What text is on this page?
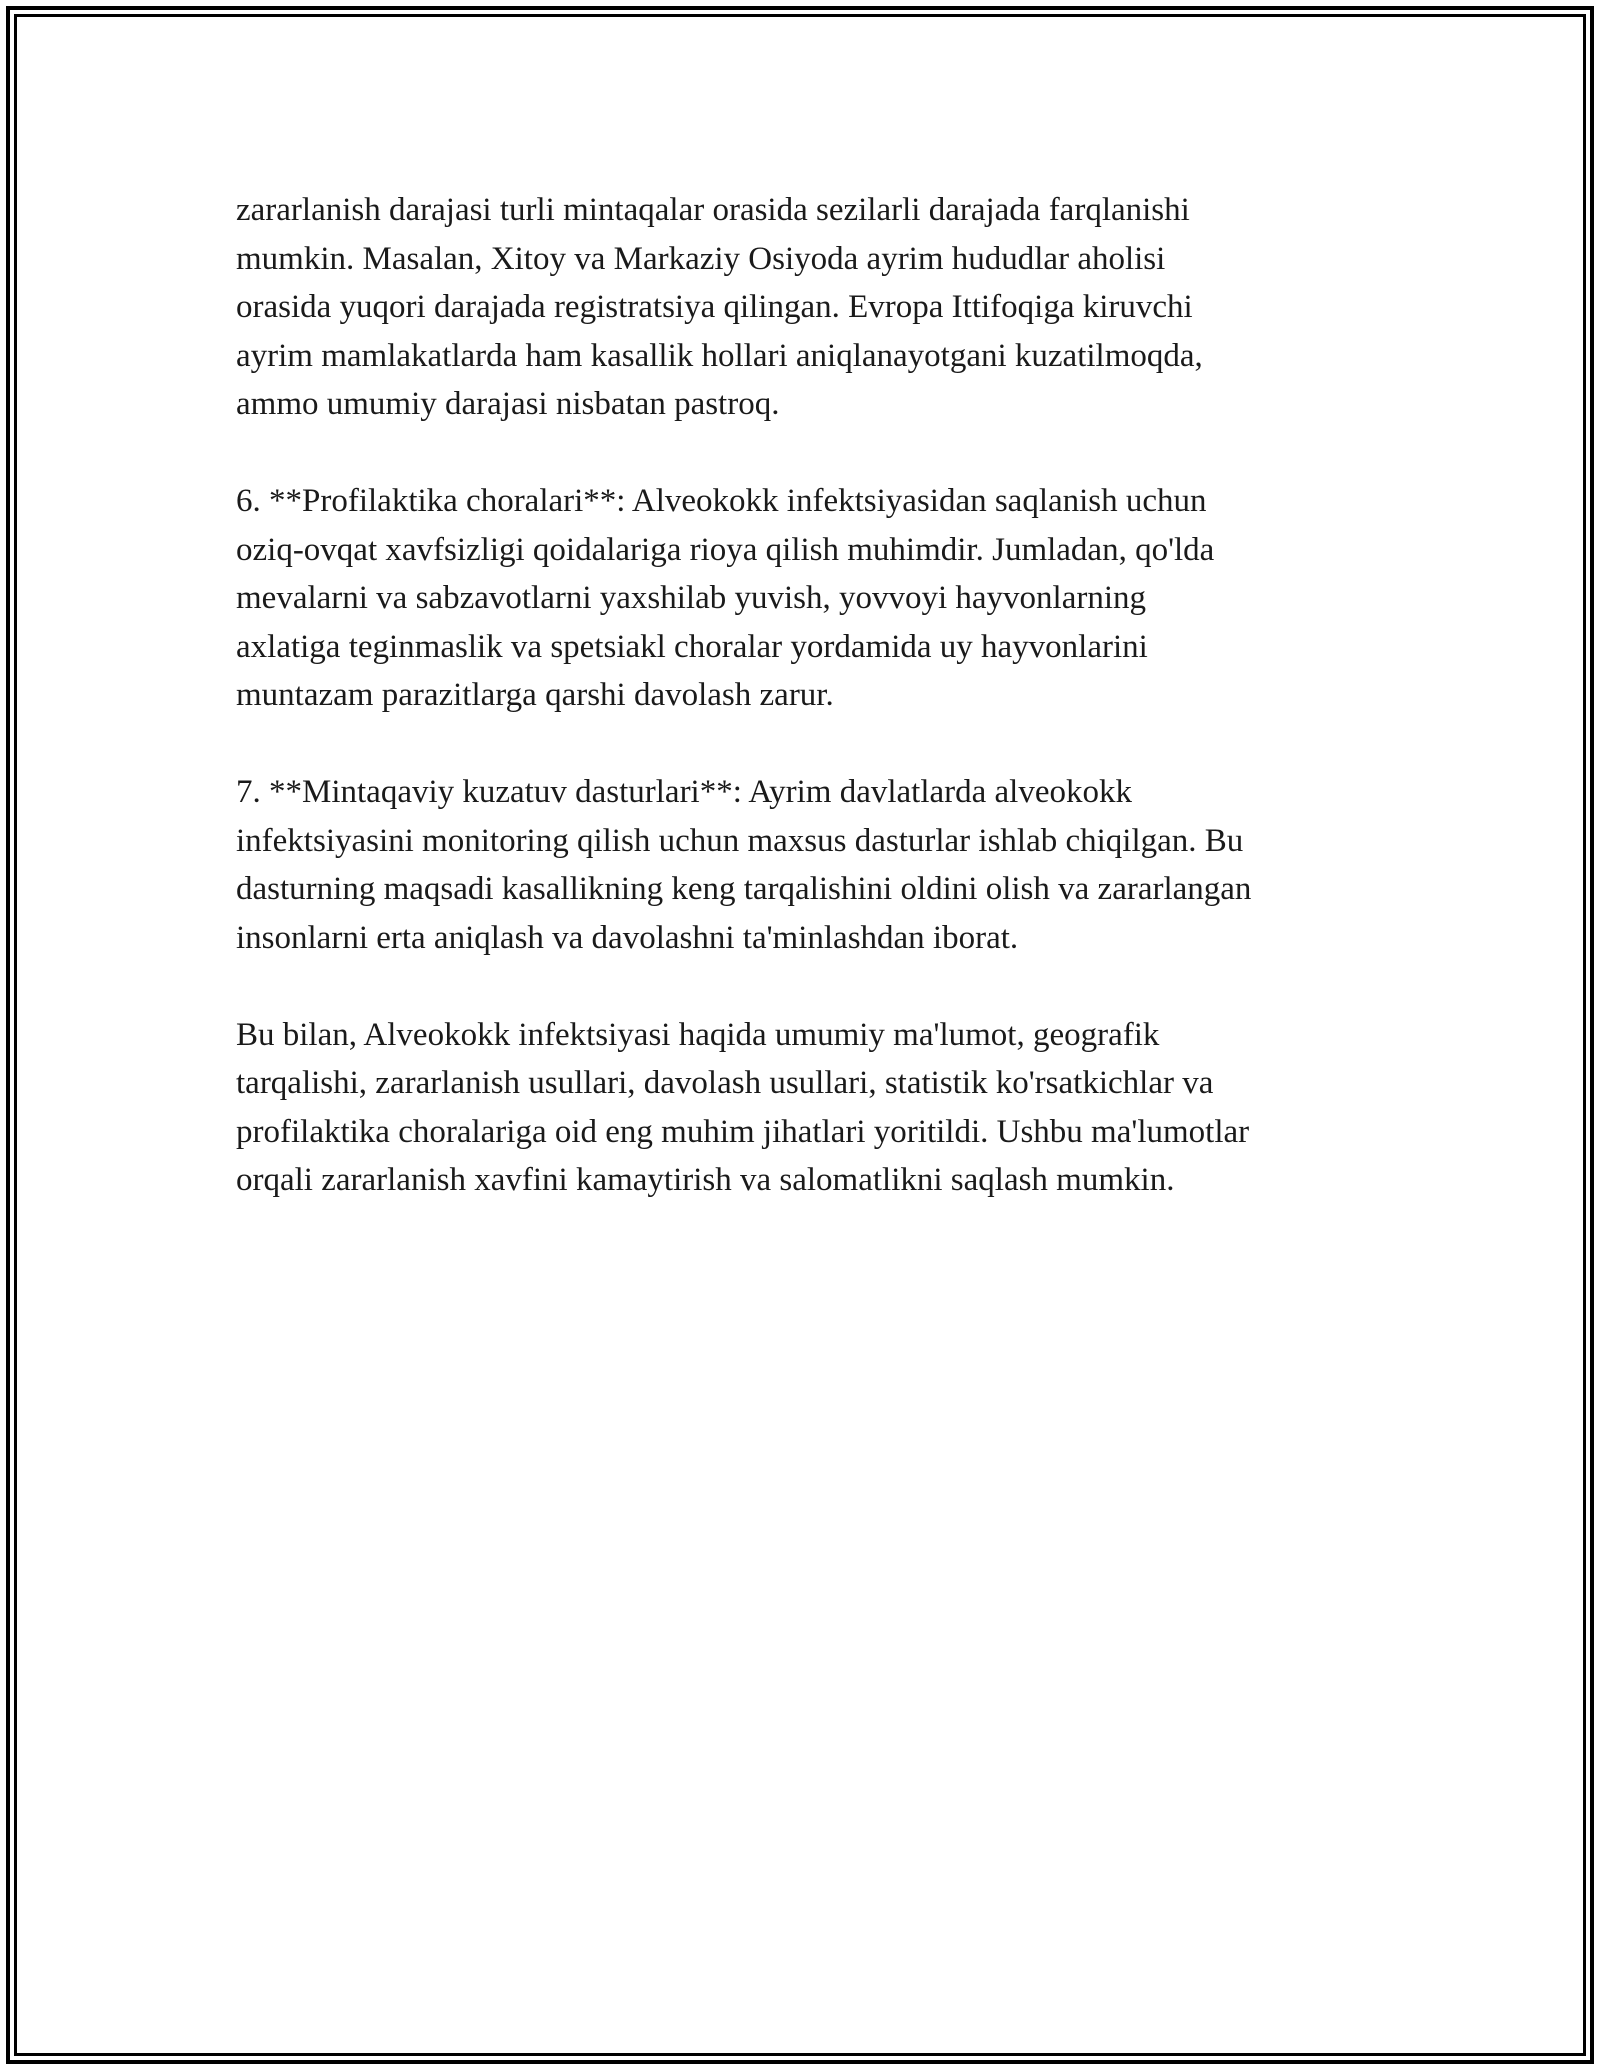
zararlanish darajasi turli mintaqalar orasida sezilarli darajada farqlanishi
mumkin. Masalan, Xitoy va Markaziy Osiyoda ayrim hududlar aholisi
orasida yuqori darajada registratsiya qilingan. Evropa Ittifoqiga kiruvchi
ayrim mamlakatlarda ham kasallik hollari aniqlanayotgani kuzatilmoqda,
ammo umumiy darajasi nisbatan pastroq.

6. **Profilaktika choralari**: Alveokokk infektsiyasidan saqlanish uchun
oziq-ovqat xavfsizligi qoidalariga rioya qilish muhimdir. Jumladan, qo'lda
mevalarni va sabzavotlarni yaxshilab yuvish, yovvoyi hayvonlarning
axlatiga teginmaslik va spetsiakl choralar yordamida uy hayvonlarini
muntazam parazitlarga qarshi davolash zarur.

7. **Mintaqaviy kuzatuv dasturlari**: Ayrim davlatlarda alveokokk
infektsiyasini monitoring qilish uchun maxsus dasturlar ishlab chiqilgan. Bu
dasturning maqsadi kasallikning keng tarqalishini oldini olish va zararlangan
insonlarni erta aniqlash va davolashni ta'minlashdan iborat.

Bu bilan, Alveokokk infektsiyasi haqida umumiy ma'lumot, geografik
tarqalishi, zararlanish usullari, davolash usullari, statistik ko'rsatkichlar va
profilaktika choralariga oid eng muhim jihatlari yoritildi. Ushbu ma'lumotlar
orqali zararlanish xavfini kamaytirish va salomatlikni saqlash mumkin.
